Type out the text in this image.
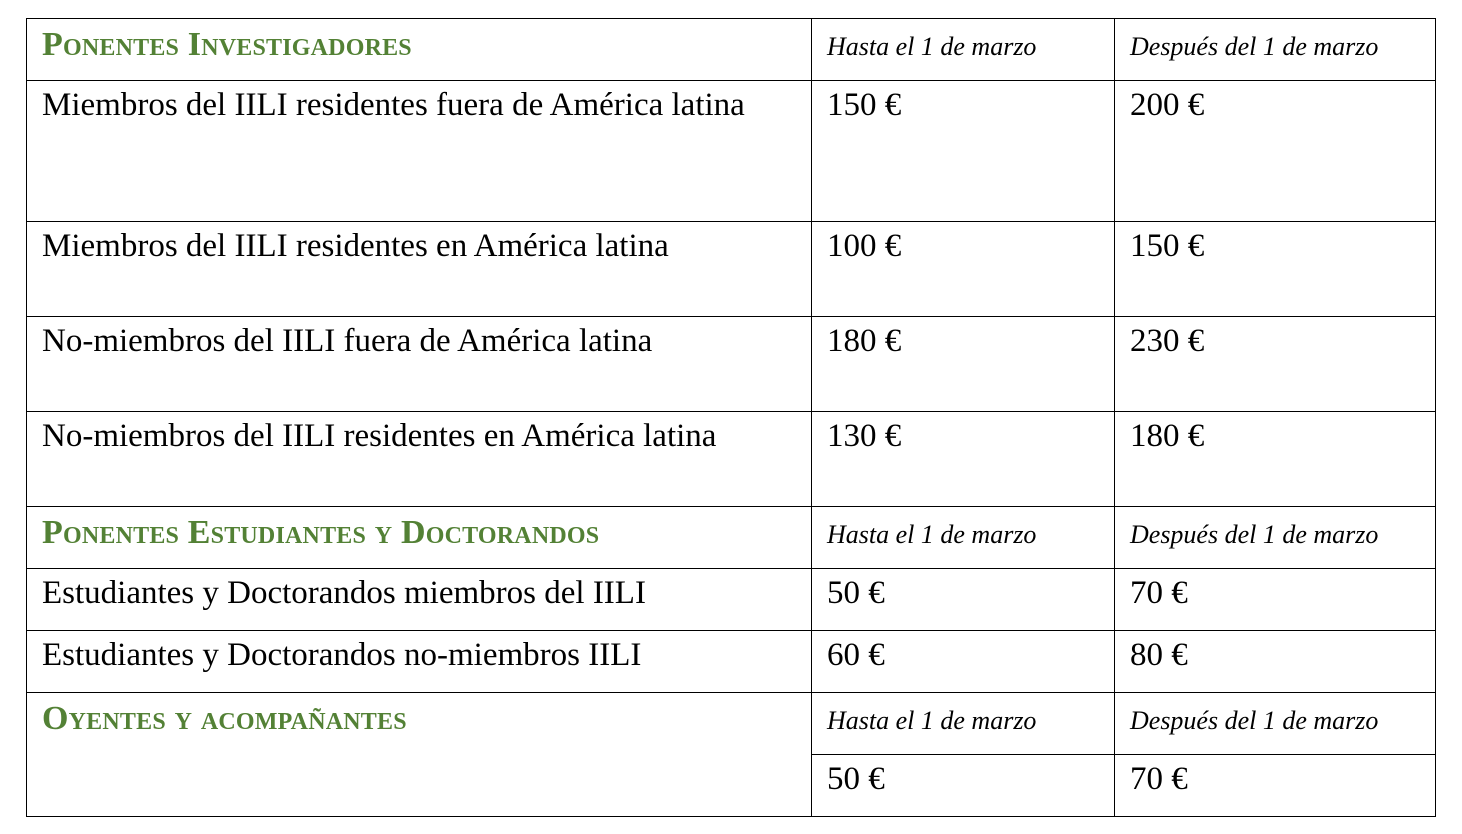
Ponentes Investigadores	Hasta el 1 de marzo	Después del 1 de marzo
Miembros del IILI residentes fuera de América latina	150 €	200 €
Miembros del IILI residentes en América latina	100 €	150 €
No-miembros del IILI fuera de América latina	180 €	230 €
No-miembros del IILI residentes en América latina	130 €	180 €
Ponentes Estudiantes y Doctorandos	Hasta el 1 de marzo	Después del 1 de marzo
Estudiantes y Doctorandos miembros del IILI	50 €	70 €
Estudiantes y Doctorandos no-miembros IILI	60 €	80 €
Oyentes y acompañantes	Hasta el 1 de marzo	Después del 1 de marzo
	50 €	70 €
